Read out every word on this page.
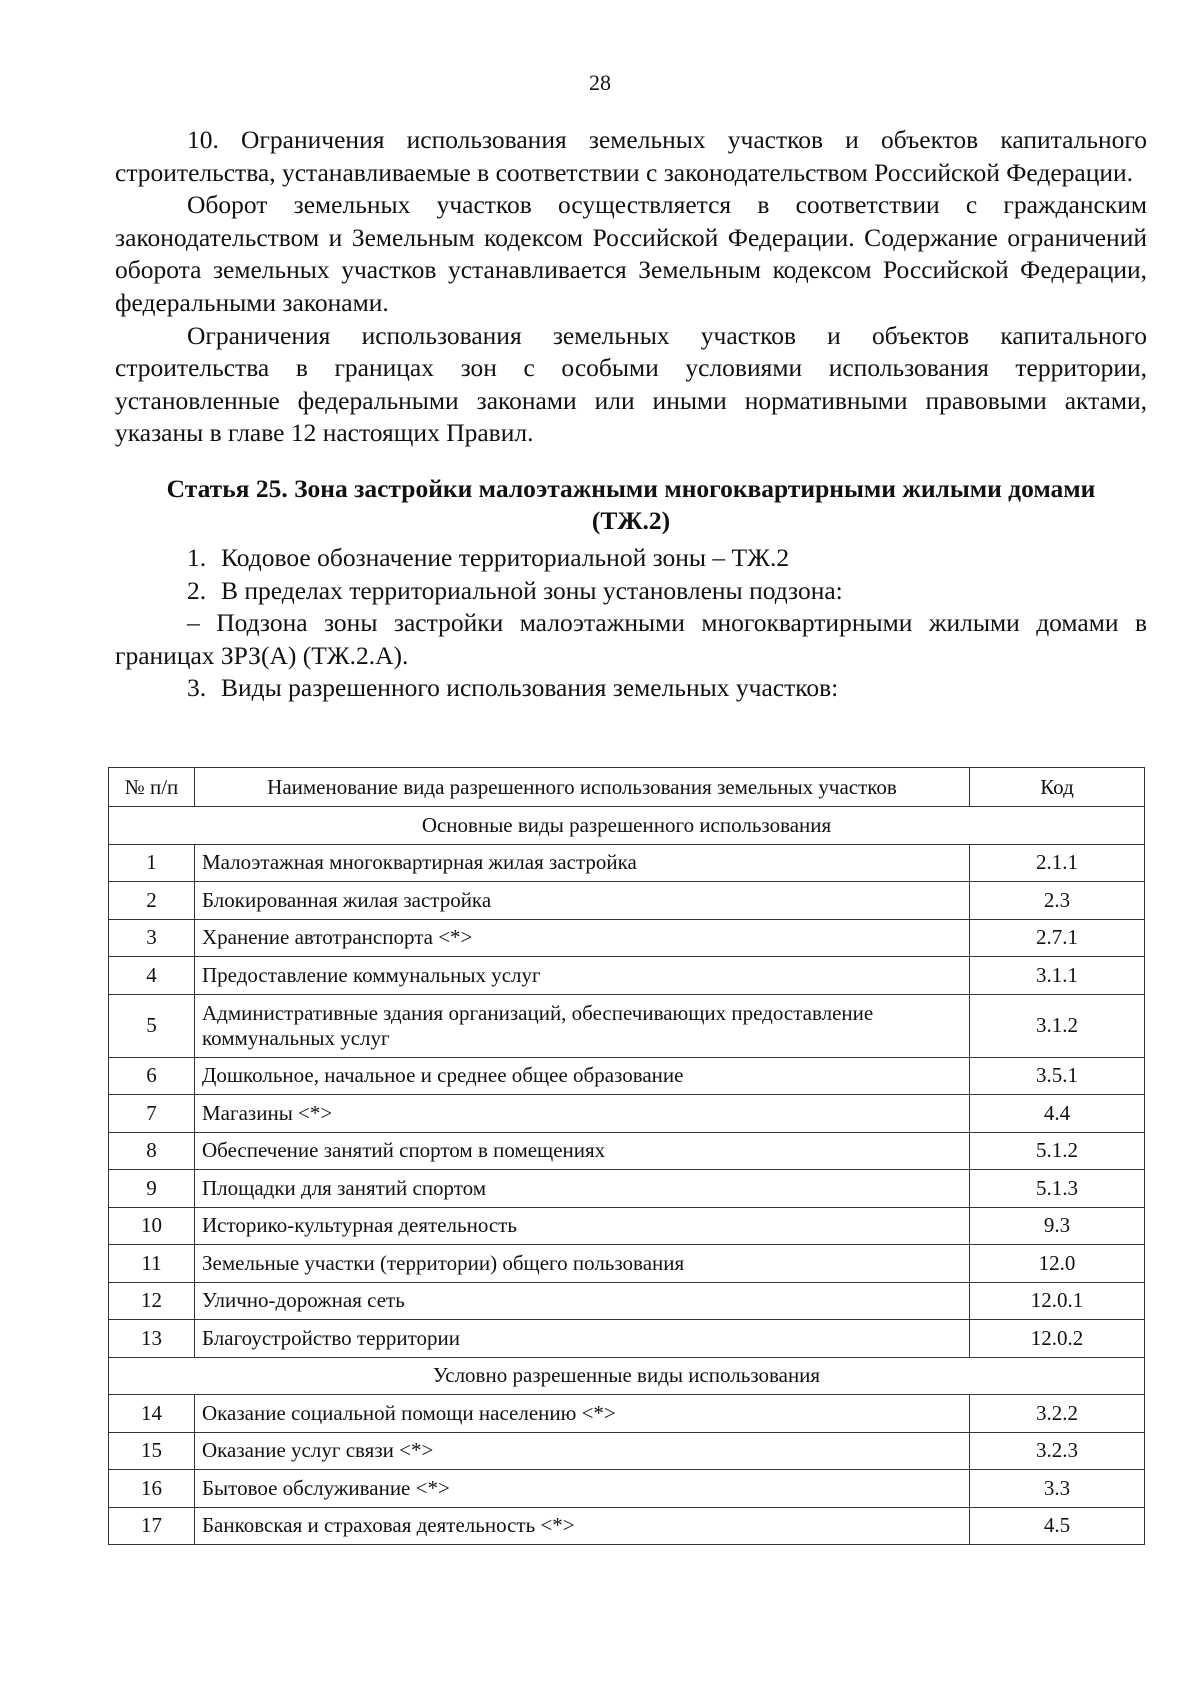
28

10. Ограничения использования земельных участков и объектов капитального строительства, устанавливаемые в соответствии с законодательством Российской Федерации.

Оборот земельных участков осуществляется в соответствии с гражданским законодательством и Земельным кодексом Российской Федерации. Содержание ограничений оборота земельных участков устанавливается Земельным кодексом Российской Федерации, федеральными законами.

Ограничения использования земельных участков и объектов капитального строительства в границах зон с особыми условиями использования территории, установленные федеральными законами или иными нормативными правовыми актами, указаны в главе 12 настоящих Правил.

Статья 25. Зона застройки малоэтажными многоквартирными жилыми домами (ТЖ.2)
1. Кодовое обозначение территориальной зоны – ТЖ.2
2. В пределах территориальной зоны установлены подзона:

– Подзона зоны застройки малоэтажными многоквартирными жилыми домами в границах ЗРЗ(А) (ТЖ.2.А).

3. Виды разрешенного использования земельных участков:
№ п/п	Наименование вида разрешенного использования земельных участков	Код
Основные виды разрешенного использования		
1	Малоэтажная многоквартирная жилая застройка	2.1.1
2	Блокированная жилая застройка	2.3
3	Хранение автотранспорта <*>	2.7.1
4	Предоставление коммунальных услуг	3.1.1
5	Административные здания организаций, обеспечивающих предоставление коммунальных услуг	3.1.2
6	Дошкольное, начальное и среднее общее образование	3.5.1
7	Магазины <*>	4.4
8	Обеспечение занятий спортом в помещениях	5.1.2
9	Площадки для занятий спортом	5.1.3
10	Историко-культурная деятельность	9.3
11	Земельные участки (территории) общего пользования	12.0
12	Улично-дорожная сеть	12.0.1
13	Благоустройство территории	12.0.2
Условно разрешенные виды использования		
14	Оказание социальной помощи населению <*>	3.2.2
15	Оказание услуг связи <*>	3.2.3
16	Бытовое обслуживание <*>	3.3
17	Банковская и страховая деятельность <*>	4.5
